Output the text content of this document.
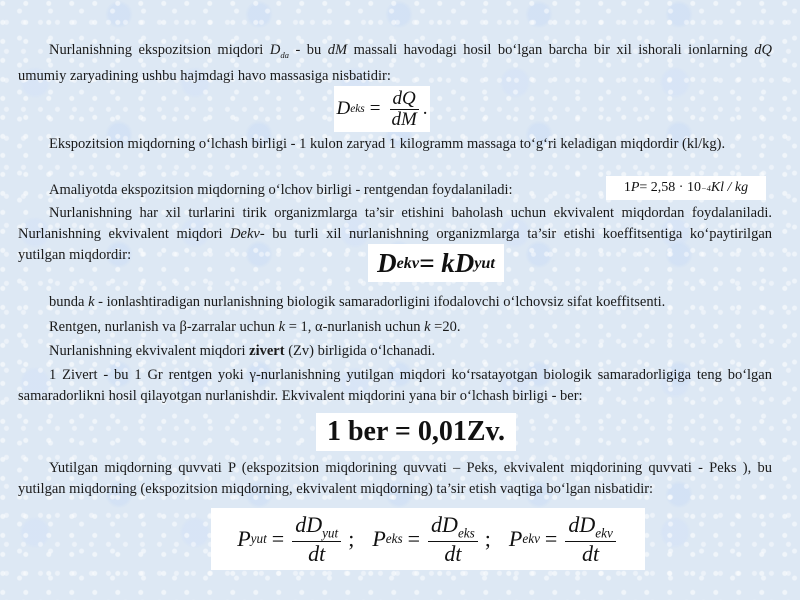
Nurlanishning ekspozitsion miqdori $D_{da}$ - bu dM massali havodagi hosil bo‘lgan barcha bir xil ishorali ionlarning dQ umumiy zaryadining ushbu hajmdagi havo massasiga nisbatidir:

D eks = $\frac{dQ}{dM}$ .

Ekspozitsion miqdorning o‘lchash birligi - 1 kulon zaryad 1 kilogramm massaga to‘g‘ri keladigan miqdordir (kl/kg).

Amaliyotda ekspozitsion miqdorning o‘lchov birligi - rentgendan foydalaniladi:	1 P = 2,58 · 10 −4 Kl / kg

Nurlanishning har xil turlarini tirik organizmlarga ta’sir etishini baholash uchun ekvivalent miqdordan foydalaniladi. Nurlanishning ekvivalent miqdori Dekv- bu turli xil nurlanishning organizmlarga ta’sir etishi koeffitsentiga ko‘paytirilgan yutilgan miqdordir:	D ekv = kD yut

bunda k - ionlashtiradigan nurlanishning biologik samaradorligini ifodalovchi o‘lchovsiz sifat koeffitsenti.

Rentgen, nurlanish va β-zarralar uchun k = 1, α-nurlanish uchun k =20.

Nurlanishning ekvivalent miqdori zivert (Zv) birligida o‘lchanadi.

1 Zivert - bu 1 Gr rentgen yoki γ-nurlanishning yutilgan miqdori ko‘rsatayotgan biologik samaradorligiga teng bo‘lgan samaradorlikni hosil qilayotgan nurlanishdir. Ekvivalent miqdorini yana bir o‘lchash birligi - ber:

1 ber = 0,01Zv.

Yutilgan miqdorning quvvati P (ekspozitsion miqdorining quvvati – Peks, ekvivalent miqdorining quvvati - Peks ), bu yutilgan miqdorning (ekspozitsion miqdorning, ekvivalent miqdorning) ta’sir etish vaqtiga bo‘lgan nisbatidir:

P yut = $\frac{dD_{yut}}{dt}$ ; P eks = $\frac{dD_{eks}}{dt}$ ; P ekv = $\frac{dD_{ekv}}{dt}$
